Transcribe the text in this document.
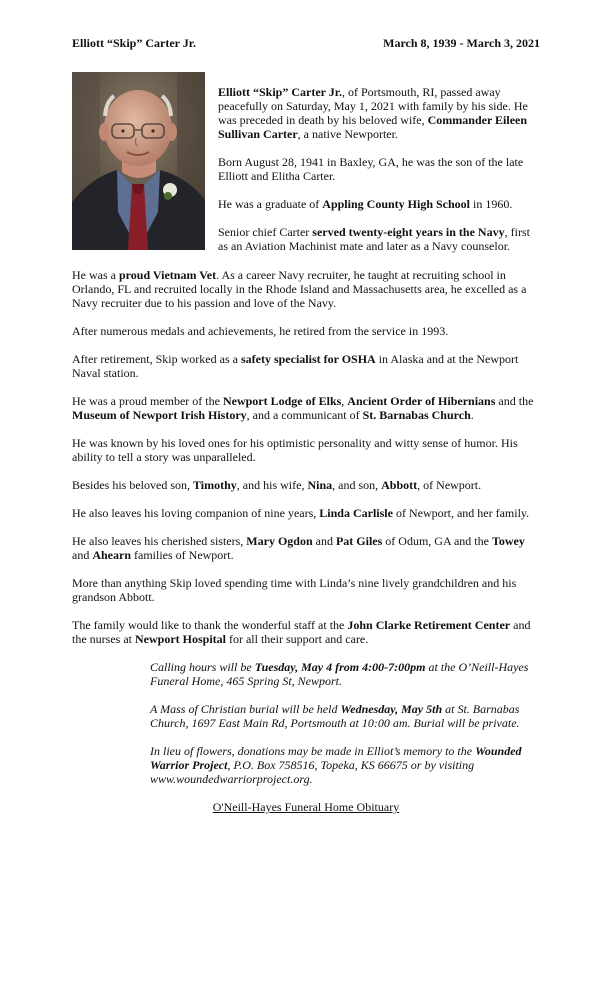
Elliott “Skip” Carter Jr.	March 8, 1939 - March 3, 2021

Elliott “Skip” Carter Jr., of Portsmouth, RI, passed away peacefully on Saturday, May 1, 2021 with family by his side. He was preceded in death by his beloved wife, Commander Eileen Sullivan Carter, a native Newporter.

Born August 28, 1941 in Baxley, GA, he was the son of the late Elliott and Elitha Carter.

He was a graduate of Appling County High School in 1960.

Senior chief Carter served twenty-eight years in the Navy, first as an Aviation Machinist mate and later as a Navy counselor.

He was a proud Vietnam Vet. As a career Navy recruiter, he taught at recruiting school in Orlando, FL and recruited locally in the Rhode Island and Massachusetts area, he excelled as a Navy recruiter due to his passion and love of the Navy.

After numerous medals and achievements, he retired from the service in 1993.

After retirement, Skip worked as a safety specialist for OSHA in Alaska and at the Newport Naval station.

He was a proud member of the Newport Lodge of Elks, Ancient Order of Hibernians and the Museum of Newport Irish History, and a communicant of St. Barnabas Church.

He was known by his loved ones for his optimistic personality and witty sense of humor. His ability to tell a story was unparalleled.

Besides his beloved son, Timothy, and his wife, Nina, and son, Abbott, of Newport.

He also leaves his loving companion of nine years, Linda Carlisle of Newport, and her family.

He also leaves his cherished sisters, Mary Ogdon and Pat Giles of Odum, GA and the Towey and Ahearn families of Newport.

More than anything Skip loved spending time with Linda’s nine lively grandchildren and his grandson Abbott.

The family would like to thank the wonderful staff at the John Clarke Retirement Center and the nurses at Newport Hospital for all their support and care.

Calling hours will be Tuesday, May 4 from 4:00-7:00pm at the O’Neill-Hayes Funeral Home, 465 Spring St, Newport.

A Mass of Christian burial will be held Wednesday, May 5th at St. Barnabas Church, 1697 East Main Rd, Portsmouth at 10:00 am. Burial will be private.

In lieu of flowers, donations may be made in Elliot’s memory to the Wounded Warrior Project, P.O. Box 758516, Topeka, KS 66675 or by visiting www.woundedwarriorproject.org.

O'Neill-Hayes Funeral Home Obituary
